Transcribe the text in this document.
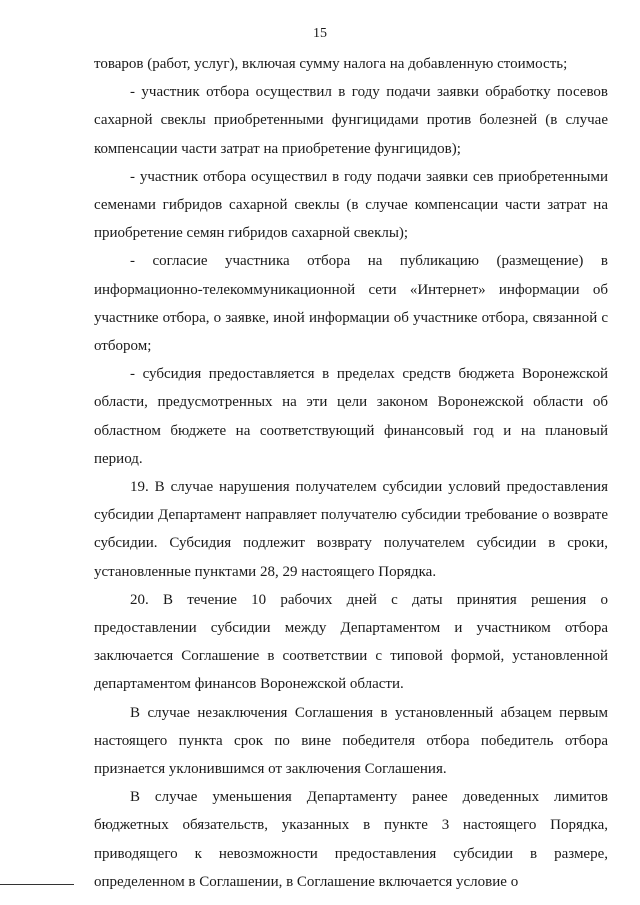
15

товаров (работ, услуг), включая сумму налога на добавленную стоимость;

- участник отбора осуществил в году подачи заявки обработку посевов сахарной свеклы приобретенными фунгицидами против болезней (в случае компенсации части затрат на приобретение фунгицидов);

- участник отбора осуществил в году подачи заявки сев приобретенными семенами гибридов сахарной свеклы (в случае компенсации части затрат на приобретение семян гибридов сахарной свеклы);

- согласие участника отбора на публикацию (размещение) в информационно-телекоммуникационной сети «Интернет» информации об участнике отбора, о заявке, иной информации об участнике отбора, связанной с отбором;

- субсидия предоставляется в пределах средств бюджета Воронежской области, предусмотренных на эти цели законом Воронежской области об областном бюджете на соответствующий финансовый год и на плановый период.

19. В случае нарушения получателем субсидии условий предоставления субсидии Департамент направляет получателю субсидии требование о возврате субсидии. Субсидия подлежит возврату получателем субсидии в сроки, установленные пунктами 28, 29 настоящего Порядка.

20. В течение 10 рабочих дней с даты принятия решения о предоставлении субсидии между Департаментом и участником отбора заключается Соглашение в соответствии с типовой формой, установленной департаментом финансов Воронежской области.

В случае незаключения Соглашения в установленный абзацем первым настоящего пункта срок по вине победителя отбора победитель отбора признается уклонившимся от заключения Соглашения.

В случае уменьшения Департаменту ранее доведенных лимитов бюджетных обязательств, указанных в пункте 3 настоящего Порядка, приводящего к невозможности предоставления субсидии в размере, определенном в Соглашении, в Соглашение включается условие о
